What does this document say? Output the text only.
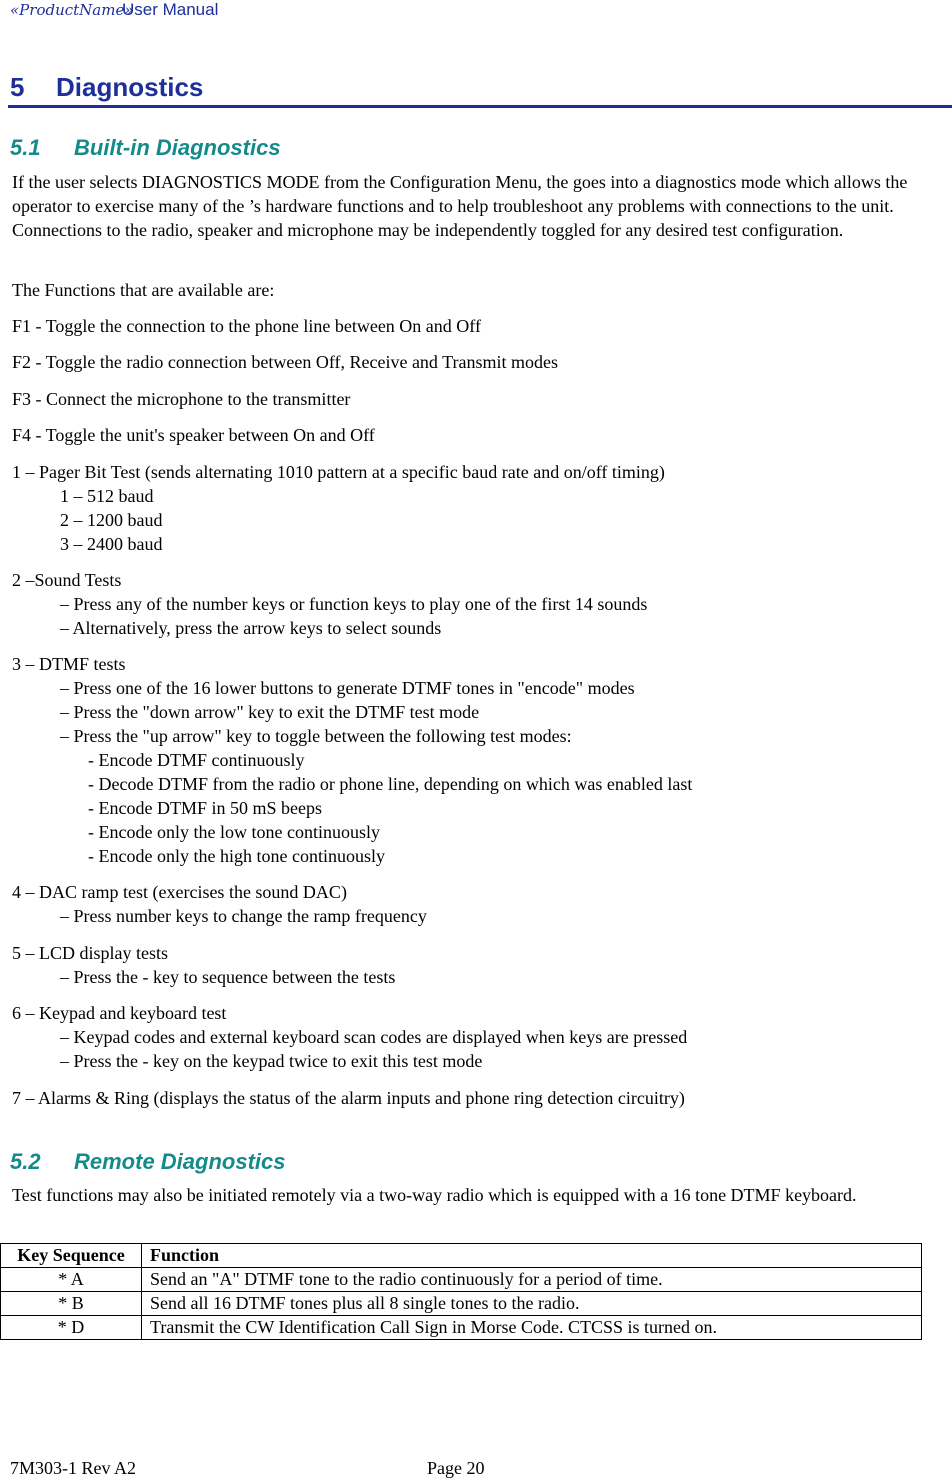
«ProductName»
User Manual
5 Diagnostics
5.1 Built-in Diagnostics
If the user selects DIAGNOSTICS MODE from the Configuration Menu, the goes into a diagnostics mode which allows the operator to exercise many of the ’s hardware functions and to help troubleshoot any problems with connections to the unit. Connections to the radio, speaker and microphone may be independently toggled for any desired test configuration.
The Functions that are available are:
F1 - Toggle the connection to the phone line between On and Off
F2 - Toggle the radio connection between Off, Receive and Transmit modes
F3 - Connect the microphone to the transmitter
F4 - Toggle the unit's speaker between On and Off
1 – Pager Bit Test (sends alternating 1010 pattern at a specific baud rate and on/off timing)
1 – 512 baud
2 – 1200 baud
3 – 2400 baud
2 –Sound Tests
– Press any of the number keys or function keys to play one of the first 14 sounds
– Alternatively, press the arrow keys to select sounds
3 – DTMF tests
– Press one of the 16 lower buttons to generate DTMF tones in "encode" modes
– Press the "down arrow" key to exit the DTMF test mode
– Press the "up arrow" key to toggle between the following test modes:
- Encode DTMF continuously
- Decode DTMF from the radio or phone line, depending on which was enabled last
- Encode DTMF in 50 mS beeps
- Encode only the low tone continuously
- Encode only the high tone continuously
4 – DAC ramp test (exercises the sound DAC)
– Press number keys to change the ramp frequency
5 – LCD display tests
– Press the - key to sequence between the tests
6 – Keypad and keyboard test
– Keypad codes and external keyboard scan codes are displayed when keys are pressed
– Press the - key on the keypad twice to exit this test mode
7 – Alarms & Ring (displays the status of the alarm inputs and phone ring detection circuitry)
5.2 Remote Diagnostics
Test functions may also be initiated remotely via a two-way radio which is equipped with a 16 tone DTMF keyboard.
Key Sequence	Function
* A	Send an "A" DTMF tone to the radio continuously for a period of time.
* B	Send all 16 DTMF tones plus all 8 single tones to the radio.
* D	Transmit the CW Identification Call Sign in Morse Code. CTCSS is turned on.
7M303-1 Rev A2	Page 20
